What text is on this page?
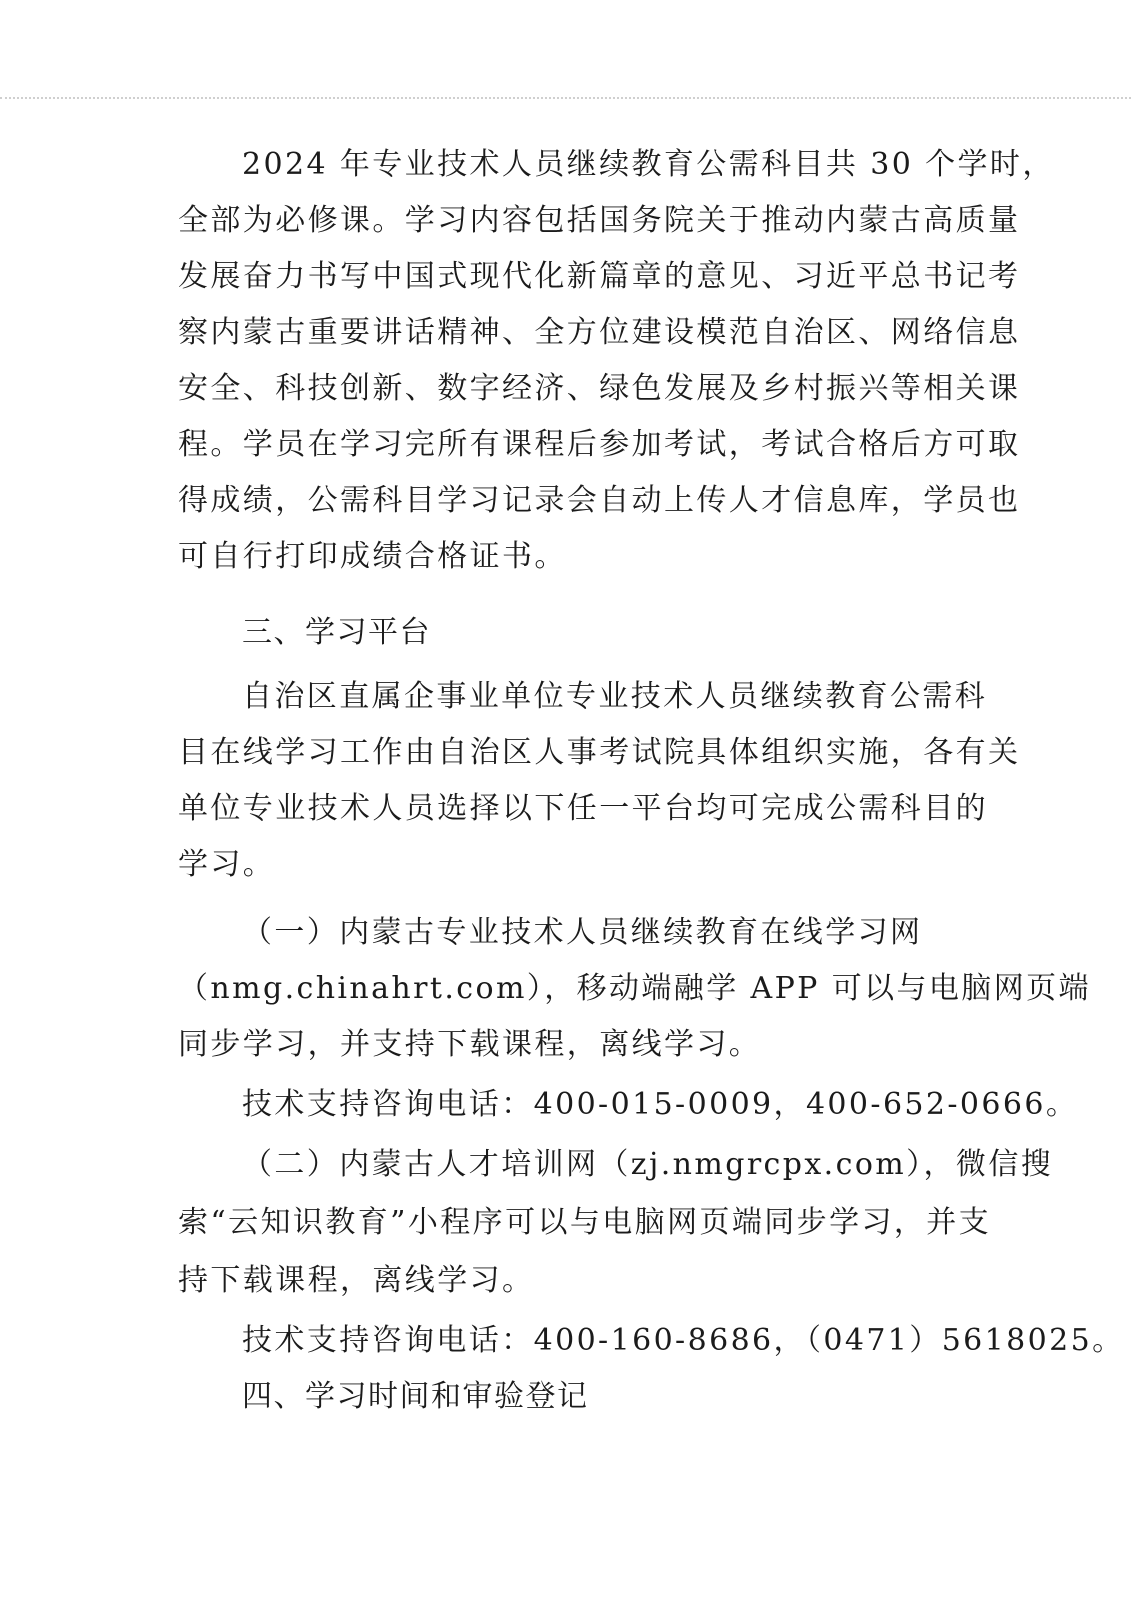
2024 年专业技术人员继续教育公需科目共 30 个学时，
全部为必修课。学习内容包括国务院关于推动内蒙古高质量
发展奋力书写中国式现代化新篇章的意见、习近平总书记考
察内蒙古重要讲话精神、全方位建设模范自治区、网络信息
安全、科技创新、数字经济、绿色发展及乡村振兴等相关课
程。学员在学习完所有课程后参加考试，考试合格后方可取
得成绩，公需科目学习记录会自动上传人才信息库，学员也
可自行打印成绩合格证书。
三、学习平台
自治区直属企事业单位专业技术人员继续教育公需科
目在线学习工作由自治区人事考试院具体组织实施，各有关
单位专业技术人员选择以下任一平台均可完成公需科目的
学习。
（一）内蒙古专业技术人员继续教育在线学习网
（nmg.chinahrt.com），移动端融学 APP 可以与电脑网页端
同步学习，并支持下载课程，离线学习。
技术支持咨询电话：400-015-0009，400-652-0666。
（二）内蒙古人才培训网（zj.nmgrcpx.com），微信搜
索“云知识教育”小程序可以与电脑网页端同步学习，并支
持下载课程，离线学习。
技术支持咨询电话：400-160-8686，（0471）5618025。
四、学习时间和审验登记
